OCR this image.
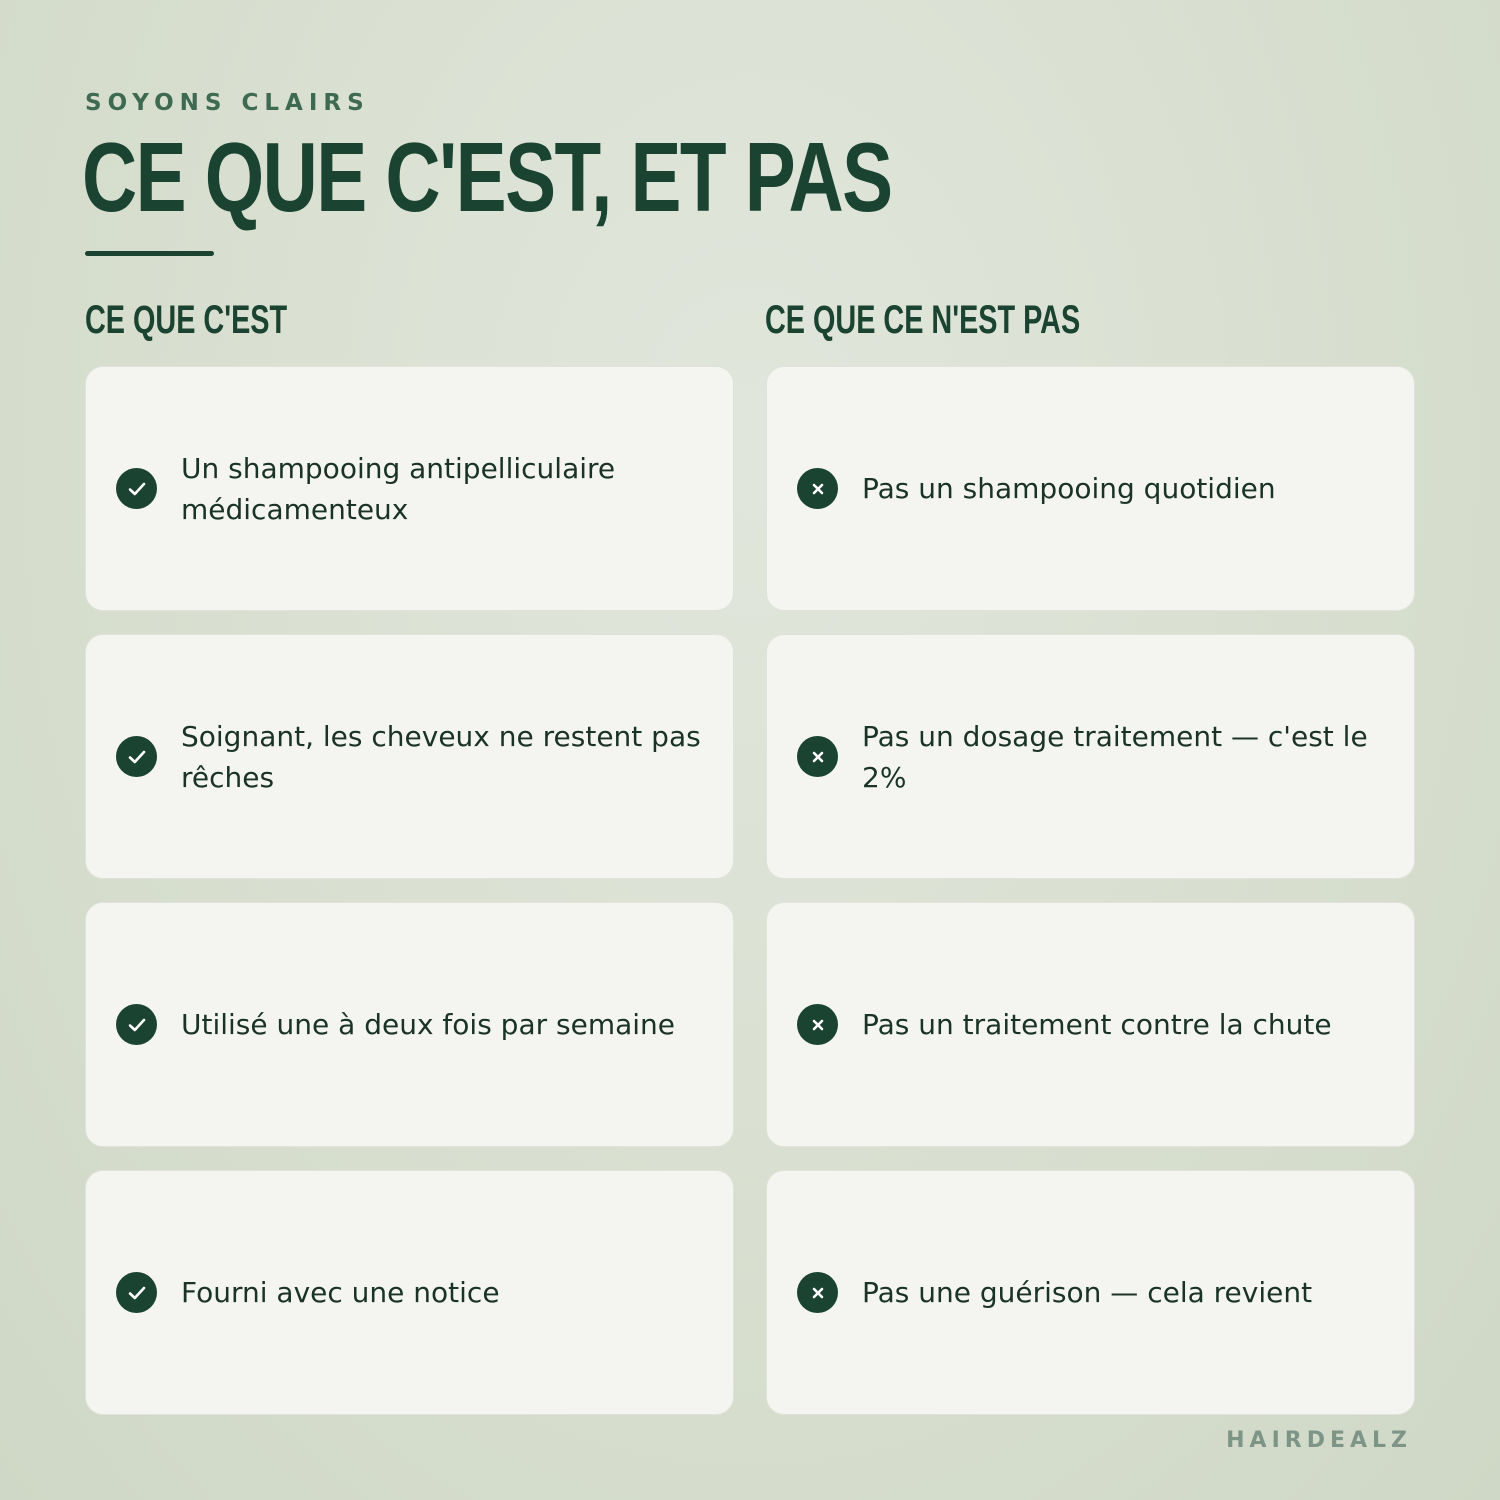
SOYONS CLAIRS
CE QUE C'EST, ET PAS
CE QUE C'EST	CE QUE CE N'EST PAS
Un shampooing antipelliculaire médicamenteux
Soignant, les cheveux ne restent pas rêches
Utilisé une à deux fois par semaine
Fourni avec une notice
Pas un shampooing quotidien
Pas un dosage traitement — c'est le 2%
Pas un traitement contre la chute
Pas une guérison — cela revient
HAIRDEALZ
